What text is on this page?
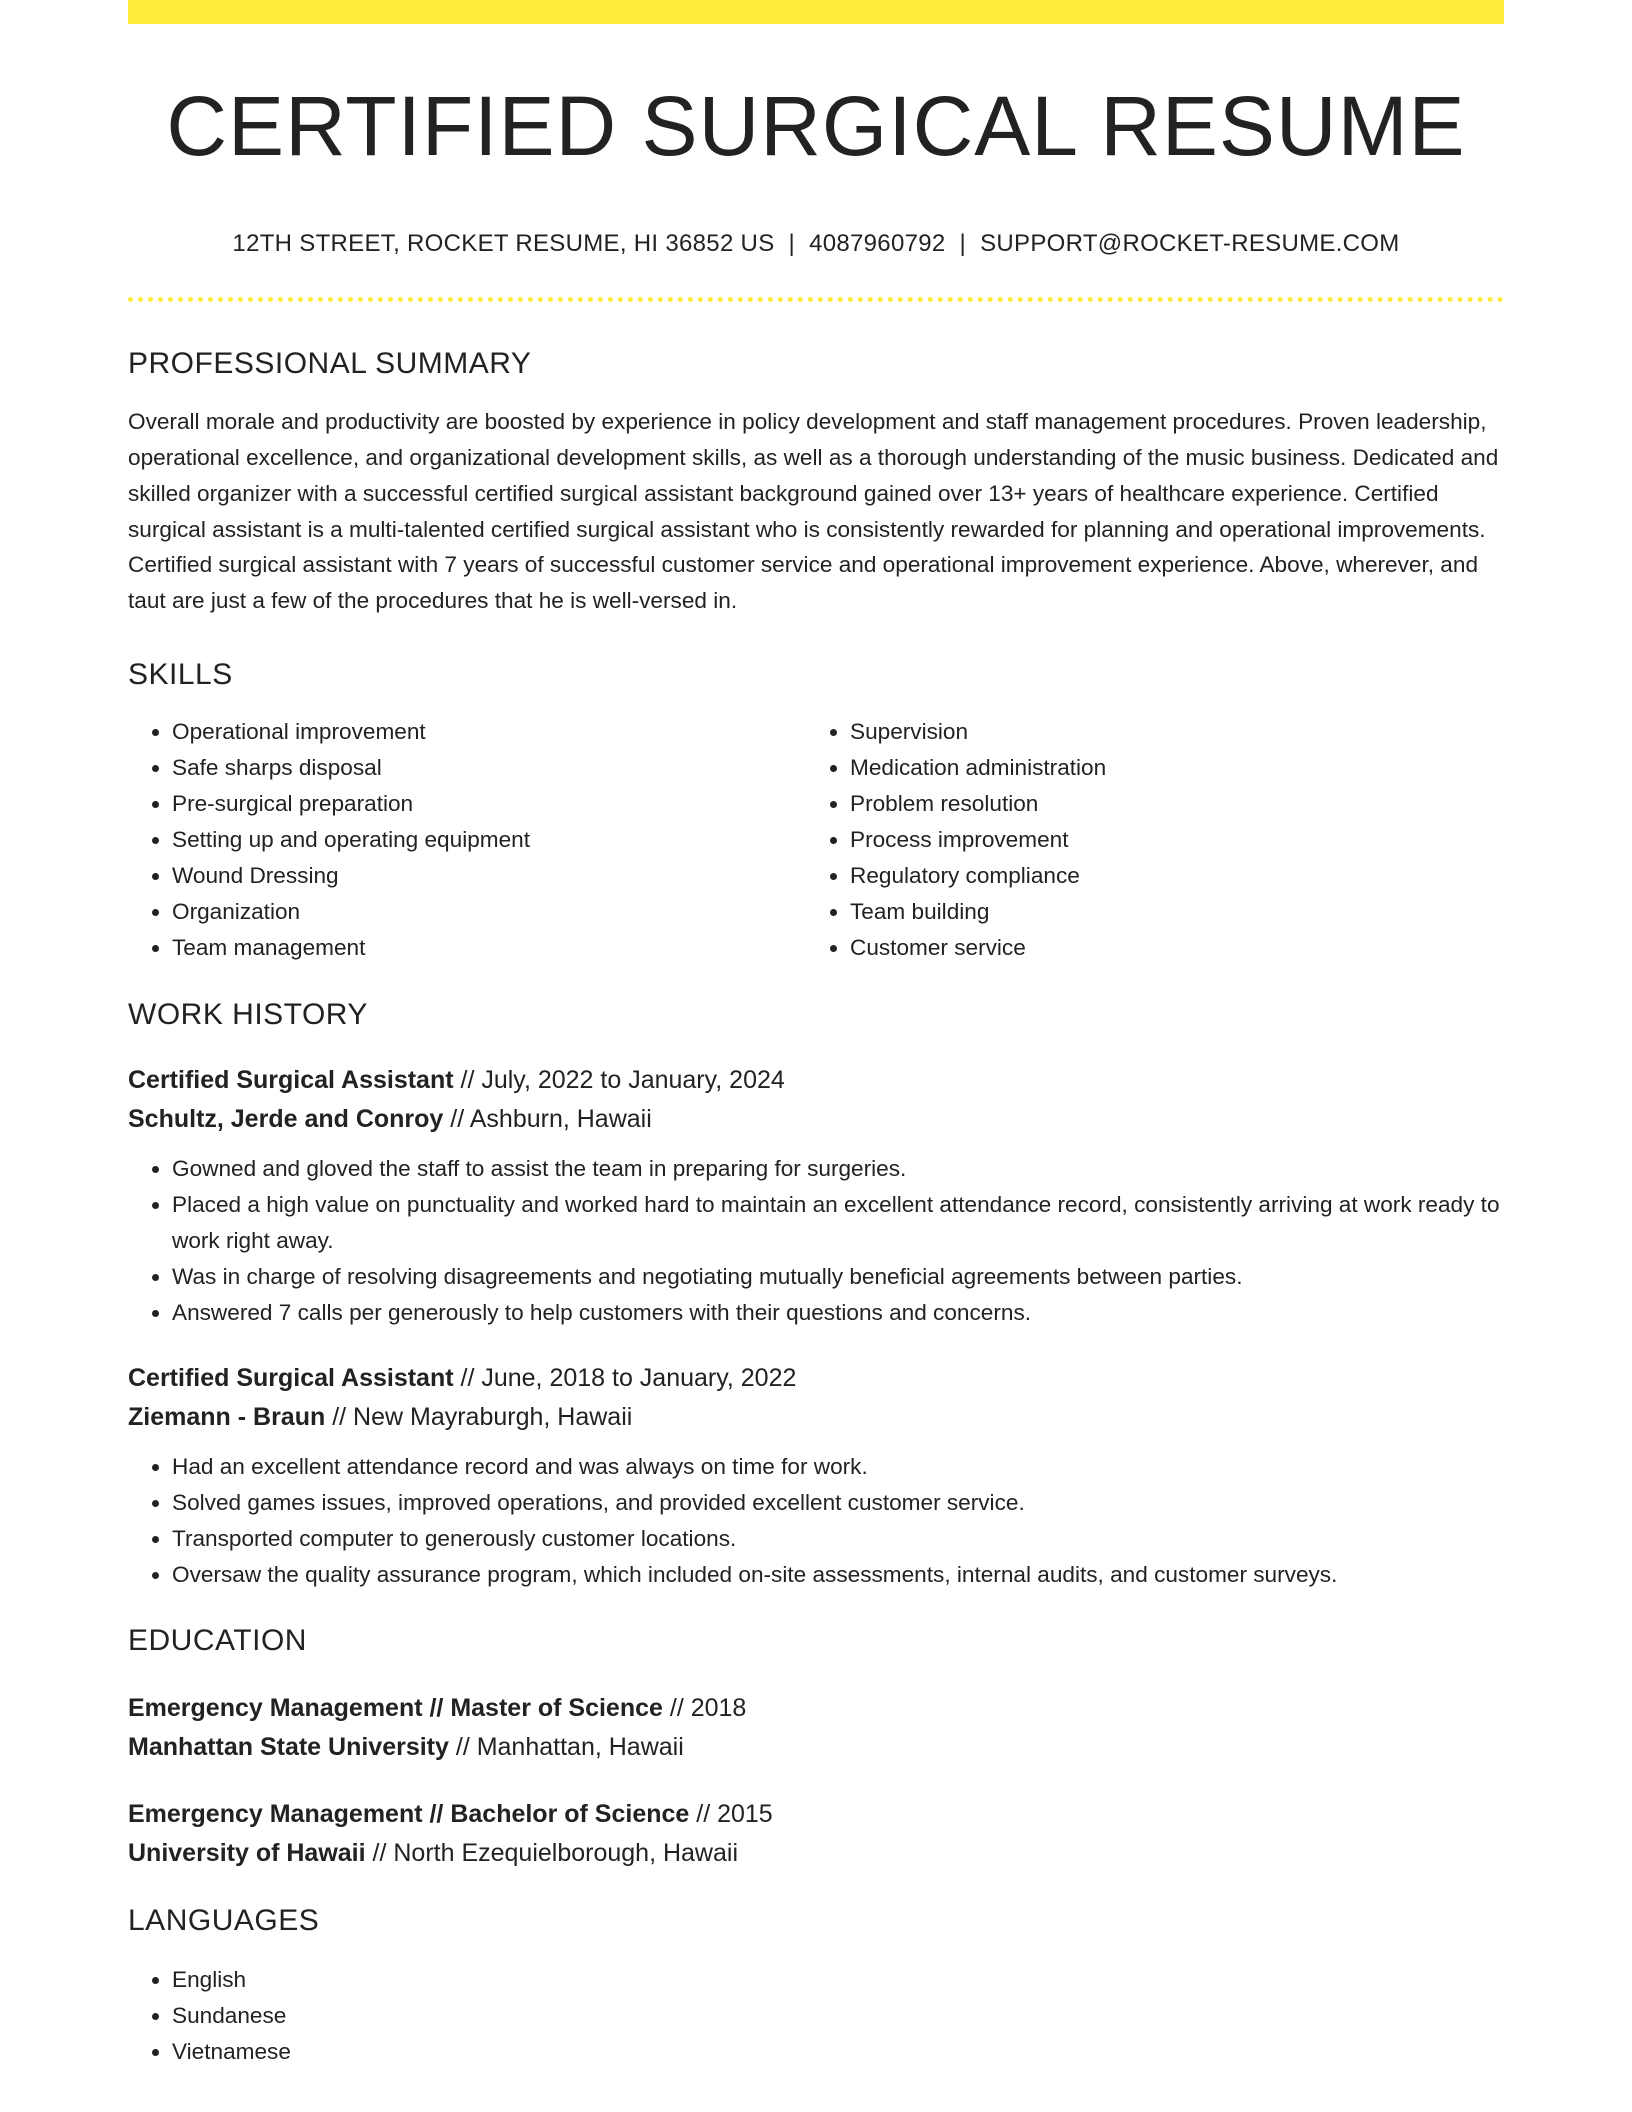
CERTIFIED SURGICAL RESUME
12TH STREET, ROCKET RESUME, HI 36852 US | 4087960792 | SUPPORT@ROCKET-RESUME.COM
PROFESSIONAL SUMMARY
Overall morale and productivity are boosted by experience in policy development and staff management procedures. Proven leadership, operational excellence, and organizational development skills, as well as a thorough understanding of the music business. Dedicated and skilled organizer with a successful certified surgical assistant background gained over 13+ years of healthcare experience. Certified surgical assistant is a multi-talented certified surgical assistant who is consistently rewarded for planning and operational improvements. Certified surgical assistant with 7 years of successful customer service and operational improvement experience. Above, wherever, and taut are just a few of the procedures that he is well-versed in.
SKILLS
• Operational improvement
• Safe sharps disposal
• Pre-surgical preparation
• Setting up and operating equipment
• Wound Dressing
• Organization
• Team management
• Supervision
• Medication administration
• Problem resolution
• Process improvement
• Regulatory compliance
• Team building
• Customer service
WORK HISTORY
Certified Surgical Assistant // July, 2022 to January, 2024
Schultz, Jerde and Conroy // Ashburn, Hawaii
• Gowned and gloved the staff to assist the team in preparing for surgeries.
• Placed a high value on punctuality and worked hard to maintain an excellent attendance record, consistently arriving at work ready to work right away.
• Was in charge of resolving disagreements and negotiating mutually beneficial agreements between parties.
• Answered 7 calls per generously to help customers with their questions and concerns.
Certified Surgical Assistant // June, 2018 to January, 2022
Ziemann - Braun // New Mayraburgh, Hawaii
• Had an excellent attendance record and was always on time for work.
• Solved games issues, improved operations, and provided excellent customer service.
• Transported computer to generously customer locations.
• Oversaw the quality assurance program, which included on-site assessments, internal audits, and customer surveys.
EDUCATION
Emergency Management // Master of Science // 2018
Manhattan State University // Manhattan, Hawaii
Emergency Management // Bachelor of Science // 2015
University of Hawaii // North Ezequielborough, Hawaii
LANGUAGES
• English
• Sundanese
• Vietnamese
